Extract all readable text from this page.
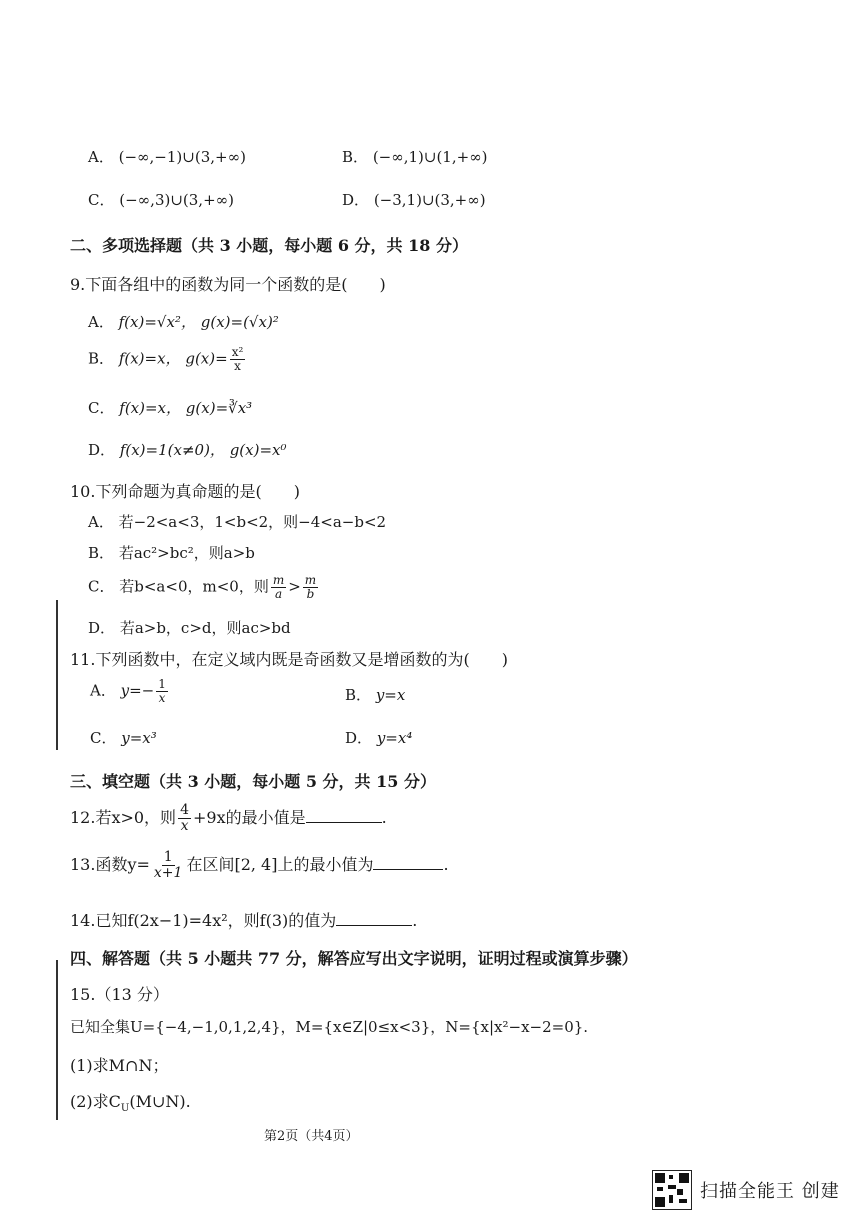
A． (−∞,−1)∪(3,+∞)	B． (−∞,1)∪(1,+∞)
C． (−∞,3)∪(3,+∞)	D． (−3,1)∪(3,+∞)
二、多项选择题（共 3 小题，每小题 6 分，共 18 分）
9.下面各组中的函数为同一个函数的是(　　)
A． f(x)=√x²， g(x)=(√x)²
B． f(x)=x， $g(x)= \frac{\text{x²}}{x}$
C． f(x)=x， g(x)=∛x³
D． f(x)=1(x≠0)， g(x)=x⁰
10.下列命题为真命题的是(　　)
A． 若−2<a<3，1<b<2，则−4<a−b<2
B． 若ac²>bc²，则a>b
C． 若b<a<0，m<0，则 $\frac{m}{a} > \frac{m}{b}$
D． 若a>b，c>d，则ac>bd
11.下列函数中，在定义域内既是奇函数又是增函数的为(　　)
A． $y=- \frac{1}{x}$	B． y=x
C． y=x³	D． y=x⁴
三、填空题（共 3 小题，每小题 5 分，共 15 分）
12.若x>0，则 $\frac{4}{x} +9x$的最小值是	.
13.函数$y= \frac{1}{x+1}$ 在区间[2, 4]上的最小值为	.
14.已知f(2x−1)=4x²，则f(3)的值为	.
四、解答题（共 5 小题共 77 分，解答应写出文字说明，证明过程或演算步骤）
15.（13 分）
已知全集U={−4,−1,0,1,2,4}，M={x∈Z|0≤x<3}，N={x|x²−x−2=0}.
(1)求M∩N；
(2)求$C_U(M\cup N)$.
第2页（共4页）
扫描全能王 创建
